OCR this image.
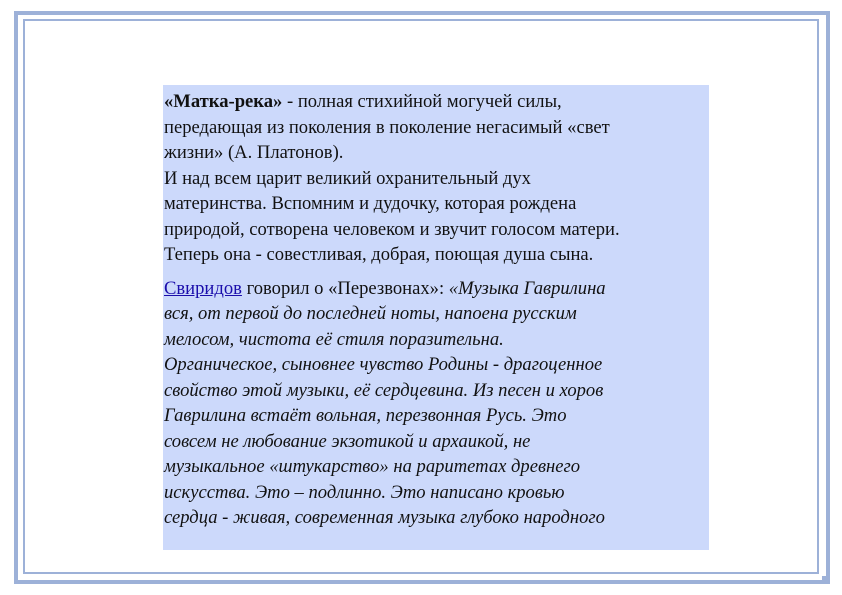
«Матка-река» - полная стихийной могучей силы,
передающая из поколения в поколение негасимый «свет
жизни» (А. Платонов).
И над всем царит великий охранительный дух
материнства. Вспомним и дудочку, которая рождена
природой, сотворена человеком и звучит голосом матери.
Теперь она - совестливая, добрая, поющая душа сына.
Свиридов говорил о «Перезвонах»: «Музыка Гаврилина
вся, от первой до последней ноты, напоена русским
мелосом, чистота её стиля поразительна.
Органическое, сыновнее чувство Родины - драгоценное
свойство этой музыки, её сердцевина. Из песен и хоров
Гаврилина встаёт вольная, перезвонная Русь. Это
совсем не любование экзотикой и архаикой, не
музыкальное «штукарство» на раритетах древнего
искусства. Это – подлинно. Это написано кровью
сердца - живая, современная музыка глубоко народного
